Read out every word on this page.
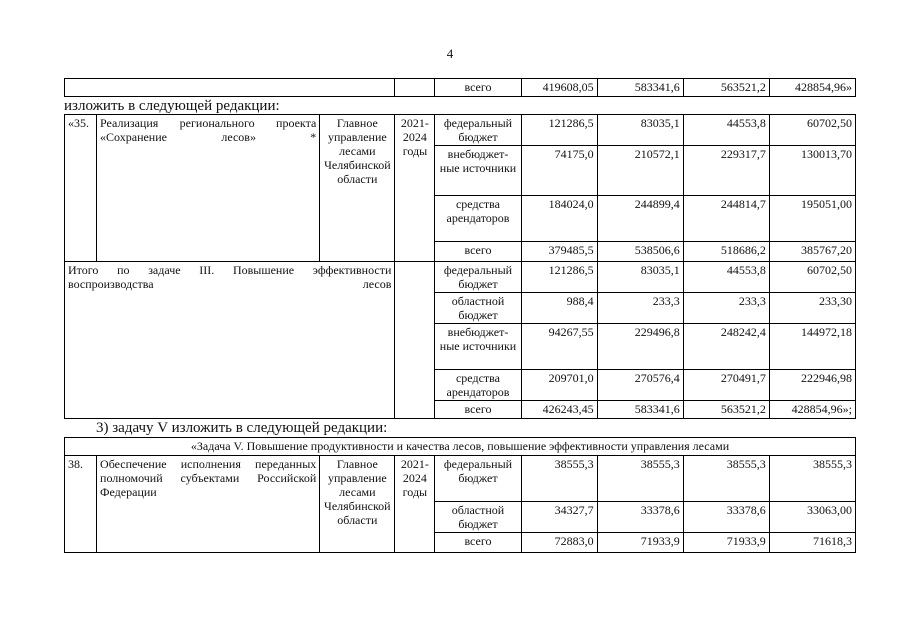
4
		всего	419608,05	583341,6	563521,2	428854,96»
изложить в следующей редакции:
«35.	Реализация регионального проекта «Сохранение лесов» *	Главное управление лесами Челябинской области	2021-2024 годы	федеральный бюджет	121286,5	83035,1	44553,8	60702,50
				внебюджет-ные источники	74175,0	210572,1	229317,7	130013,70
				средства арендаторов	184024,0	244899,4	244814,7	195051,00
				всего	379485,5	538506,6	518686,2	385767,20
Итого по задаче III. Повышение эффективности воспроизводства лесов				федеральный бюджет	121286,5	83035,1	44553,8	60702,50
				областной бюджет	988,4	233,3	233,3	233,30
				внебюджет-ные источники	94267,55	229496,8	248242,4	144972,18
				средства арендаторов	209701,0	270576,4	270491,7	222946,98
				всего	426243,45	583341,6	563521,2	428854,96»;
3) задачу V изложить в следующей редакции:
«Задача V. Повышение продуктивности и качества лесов, повышение эффективности управления лесами								
38.	Обеспечение исполнения переданных полномочий субъектами Российской Федерации	Главное управление лесами Челябинской области	2021-2024 годы	федеральный бюджет	38555,3	38555,3	38555,3	38555,3
				областной бюджет	34327,7	33378,6	33378,6	33063,00
				всего	72883,0	71933,9	71933,9	71618,3
